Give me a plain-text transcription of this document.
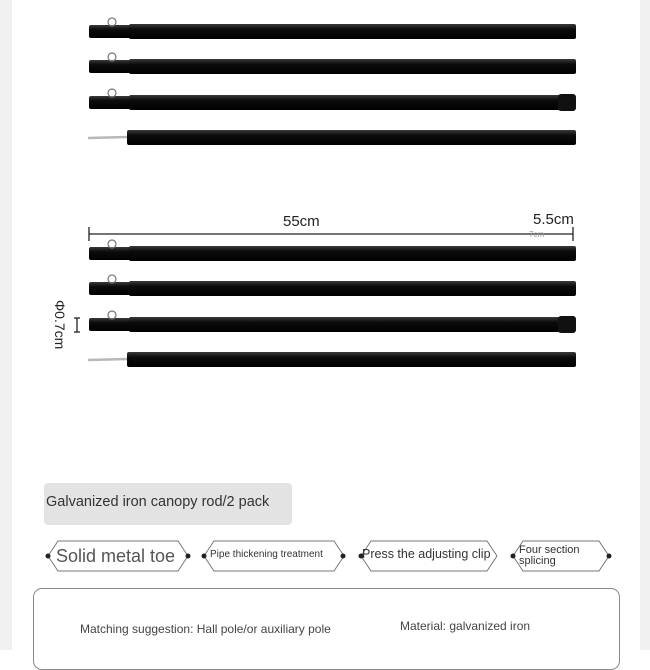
55cm	5.5cm
7cm
Φ0.7cm
Galvanized iron canopy rod/2 pack
Solid metal toe	Pipe thickening treatment	Press the adjusting clip	Four section
splicing
Matching suggestion: Hall pole/or auxiliary pole	Material: galvanized iron
